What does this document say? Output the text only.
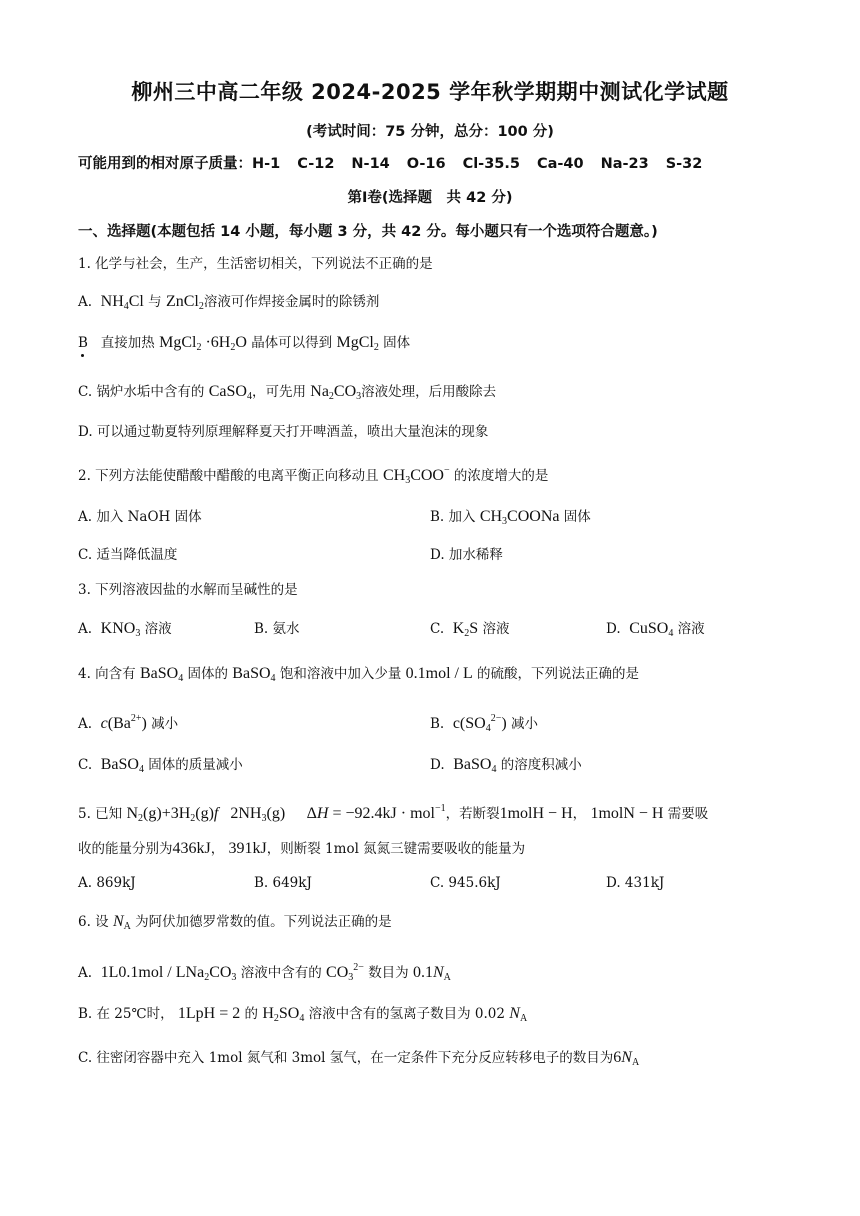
柳州三中高二年级 2024-2025 学年秋学期期中测试化学试题
(考试时间：75 分钟，总分：100 分)
可能用到的相对原子质量：H-1 C-12 N-14 O-16 Cl-35.5 Ca-40 Na-23 S-32
第Ⅰ卷(选择题　共 42 分)
一、选择题(本题包括 14 小题，每小题 3 分，共 42 分。每小题只有一个选项符合题意。)
1. 化学与社会，生产，生活密切相关，下列说法不正确的是
A. $NH_4Cl$ 与 ZnCl$_2$溶液可作焊接金属时的除锈剂
B 直接加热 MgCl$_2$ $\cdot 6H_2O$ 晶体可以得到 MgCl$_2$ 固体
C. 锅炉水垢中含有的 CaSO$_4$，可先用 $Na_2CO_3$溶液处理，后用酸除去
D. 可以通过勒夏特列原理解释夏天打开啤酒盖，喷出大量泡沫的现象
2. 下列方法能使醋酸中醋酸的电离平衡正向移动且 $CH_3COO^-$ 的浓度增大的是
A. 加入 NaOH 固体	B. 加入 $CH_3COONa$ 固体
C. 适当降低温度	D. 加水稀释
3. 下列溶液因盐的水解而呈碱性的是
A. $KNO_3$ 溶液	B. 氨水	C. $K_2S$ 溶液	D. CuSO$_4$ 溶液
4. 向含有 BaSO$_4$ 固体的 BaSO$_4$ 饱和溶液中加入少量 0.1mol / L 的硫酸，下列说法正确的是
A. $c(Ba^{2+})$ 减小	B. $c(SO_4^{2-})$ 减小
C. BaSO$_4$ 固体的质量减小	D. BaSO$_4$ 的溶度积减小
5. 已知 $N_2(g)+3H_2(g)f$   $2NH_3(g) \Delta H = -92.4kJ \cdot mol^{-1}$，若断裂1molH − H， 1molN − H 需要吸
收的能量分别为436kJ， 391kJ，则断裂 1mol 氮氮三键需要吸收的能量为
A. 869kJ	B. 649kJ	C. 945.6kJ	D. 431kJ
6. 设 $N_A$ 为阿伏加德罗常数的值。下列说法正确的是
A. $1L0.1mol / LNa_2CO_3$ 溶液中含有的 $CO_3^{2-}$ 数目为 $0.1N_A$
B. 在 25℃时， 1LpH = 2 的 $H_2SO_4$ 溶液中含有的氢离子数目为 0.02 $N_A$
C. 往密闭容器中充入 1mol 氮气和 3mol 氢气，在一定条件下充分反应转移电子的数目为$6N_A$
